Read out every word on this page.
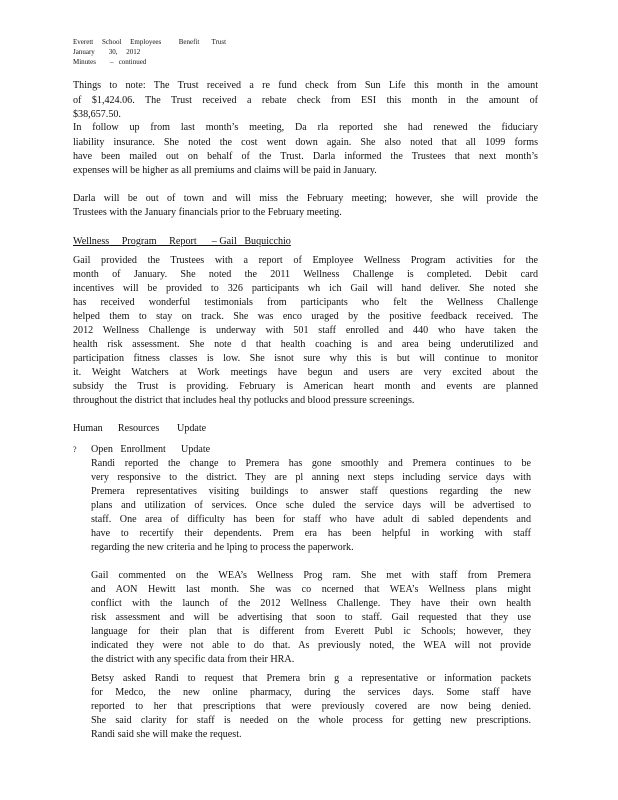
Everett     School     Employees          Benefit       Trust
January        30,     2012
Minutes        –   continued
Things to note: The Trust received a re fund check from Sun Life this month in the amount
of $1,424.06. The Trust received a rebate check from ESI this month in the amount of
$38,657.50.
In follow up from last month’s meeting, Da rla reported she had renewed the fiduciary
liability insurance. She noted the cost went down again. She also noted that all 1099 forms
have been mailed out on behalf of the Trust. Darla informed the Trustees that next month’s
expenses will be higher as all premiums and claims will be paid in January.
Darla will be out of town and will miss the February meeting; however, she will provide the
Trustees with the January financials prior to the February meeting.
Wellness     Program     Report      – Gail   Buquicchio
Gail provided the Trustees with a report of Employee Wellness Program activities for the
month of January. She noted the 2011 Wellness Challenge is completed. Debit card
incentives will be provided to 326 participants wh ich Gail will hand deliver. She noted she
has received wonderful testimonials from participants who felt the Wellness Challenge
helped them to stay on track. She was enco uraged by the positive feedback received. The
2012 Wellness Challenge is underway with 501 staff enrolled and 440 who have taken the
health risk assessment. She note d that health coaching is and area being underutilized and
participation fitness classes is low. She isnot sure why this is but will continue to monitor
it. Weight Watchers at Work meetings have begun and users are very excited about the
subsidy the Trust is providing. February is American heart month and events are planned
throughout the district that includes heal thy potlucks and blood pressure screenings.
Human      Resources       Update
? Open   Enrollment      Update
Randi reported the change to Premera has gone smoothly and Premera continues to be
very responsive to the district. They are pl anning next steps including service days with
Premera representatives visiting buildings to answer staff questions regarding the new
plans and utilization of services. Once sche duled the service days will be advertised to
staff. One area of difficulty has been for staff who have adult di sabled dependents and
have to recertify their dependents. Prem era has been helpful in working with staff
regarding the new criteria and he lping to process the paperwork.
Gail commented on the WEA’s Wellness Prog ram. She met with staff from Premera
and AON Hewitt last month. She was co ncerned that WEA’s Wellness plans might
conflict with the launch of the 2012 Wellness Challenge. They have their own health
risk assessment and will be advertising that soon to staff. Gail requested that they use
language for their plan that is different from Everett Publ ic Schools; however, they
indicated they were not able to do that. As previously noted, the WEA will not provide
the district with any specific data from their HRA.
Betsy asked Randi to request that Premera brin g a representative or information packets
for Medco, the new online pharmacy, during the services days. Some staff have
reported to her that prescriptions that were previously covered are now being denied.
She said clarity for staff is needed on the whole process for getting new prescriptions.
Randi said she will make the request.
